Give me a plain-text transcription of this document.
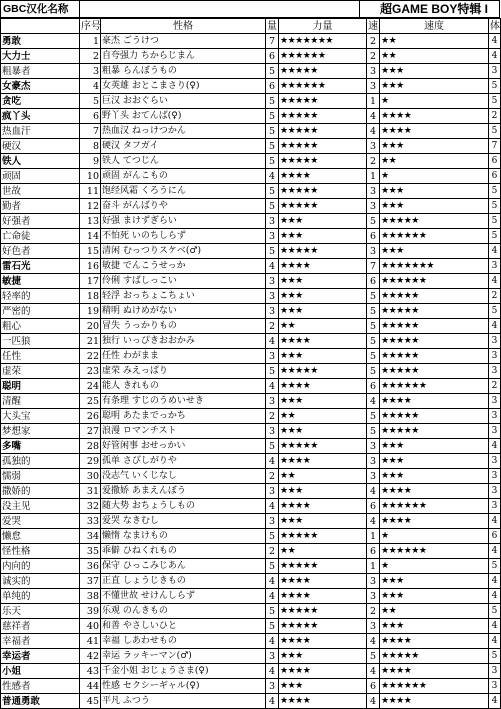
GBC汉化名称	超GAME BOY特辑 I
	序号	性格	量	力量	速	速度	体
勇敢	1	豪杰 ごうけつ	7	★★★★★★★	2	★★	4
大力士	2	自夸强力 ちからじまん	6	★★★★★★	2	★★	4
粗暴者	3	粗暴 らんぼうもの	5	★★★★★	3	★★★	3
女豪杰	4	女英雄 おとこまさり(♀)	6	★★★★★★	3	★★★	5
贪吃	5	巨汉 おおぐらい	5	★★★★★	1	★	5
疯丫头	6	野丫头 おてんば(♀)	5	★★★★★	4	★★★★	2
热血汗	7	热血汉 ねっけつかん	5	★★★★★	4	★★★★	5
硬汉	8	硬汉 タフガイ	5	★★★★★	3	★★★	7
铁人	9	铁人 てつじん	5	★★★★★	2	★★	6
顽固	10	顽固 がんこもの	4	★★★★	1	★	6
世故	11	饱经风霜 くろうにん	5	★★★★★	3	★★★	5
勤者	12	奋斗 がんばりや	5	★★★★★	3	★★★	5
好强者	13	好强 まけずぎらい	3	★★★	5	★★★★★	5
亡命徒	14	不怕死 いのちしらず	3	★★★	6	★★★★★★	5
好色者	15	清闲 むっつりスケベ(♂)	5	★★★★★	3	★★★	4
雷石光	16	敏捷 でんこうせっか	4	★★★★	7	★★★★★★★	3
敏捷	17	伶俐 すばしっこい	3	★★★	6	★★★★★★	4
轻率的	18	轻浮 おっちょこちょい	3	★★★	5	★★★★★	2
严密的	19	精明 ぬけめがない	3	★★★	5	★★★★★	5
粗心	20	冒失 うっかりもの	2	★★	5	★★★★★	4
一匹狼	21	独行 いっぴきおおかみ	4	★★★★	5	★★★★★	3
任性	22	任性 わがまま	3	★★★	5	★★★★★	3
虚荣	23	虚荣 みえっぱり	5	★★★★★	5	★★★★★	3
聪明	24	能人 きれもの	4	★★★★	6	★★★★★★	2
清醒	25	有条理 すじのうめいせき	3	★★★	4	★★★★	3
大头宝	26	聪明 あたまでっかち	2	★★	5	★★★★★	3
梦想家	27	浪漫 ロマンチスト	3	★★★	5	★★★★★	3
多嘴	28	好管闲事 おせっかい	5	★★★★★	3	★★★	4
孤独的	29	孤单 さびしがりや	4	★★★★	3	★★★	3
懦弱	30	没志气 いくじなし	2	★★	3	★★★	3
撒娇的	31	爱撒娇 あまえんぼう	3	★★★	4	★★★★	3
没主见	32	随大势 おちょうしもの	4	★★★★	6	★★★★★★	3
爱哭	33	爱哭 なきむし	3	★★★	4	★★★★	4
懒怠	34	懒惰 なまけもの	5	★★★★★	1	★	6
怪性格	35	乖僻 ひねくれもの	2	★★	6	★★★★★★	4
内向的	36	保守 ひっこみじあん	5	★★★★★	1	★	5
诚实的	37	正直 しょうじきもの	4	★★★★	3	★★★	4
单纯的	38	不懂世故 せけんしらず	4	★★★★	3	★★★	4
乐天	39	乐观 のんきもの	5	★★★★★	2	★★	5
慈祥者	40	和善 やさしいひと	5	★★★★★	3	★★★	4
幸福者	41	幸福 しあわせもの	4	★★★★	4	★★★★	4
幸运者	42	幸运 ラッキーマン(♂)	3	★★★	5	★★★★★	5
小姐	43	千金小姐 おじょうさま(♀)	4	★★★★	4	★★★★	3
性感者	44	性感 セクシーギャル(♀)	3	★★★	6	★★★★★★	3
普通勇敢	45	平凡 ふつう	4	★★★★	4	★★★★	4
